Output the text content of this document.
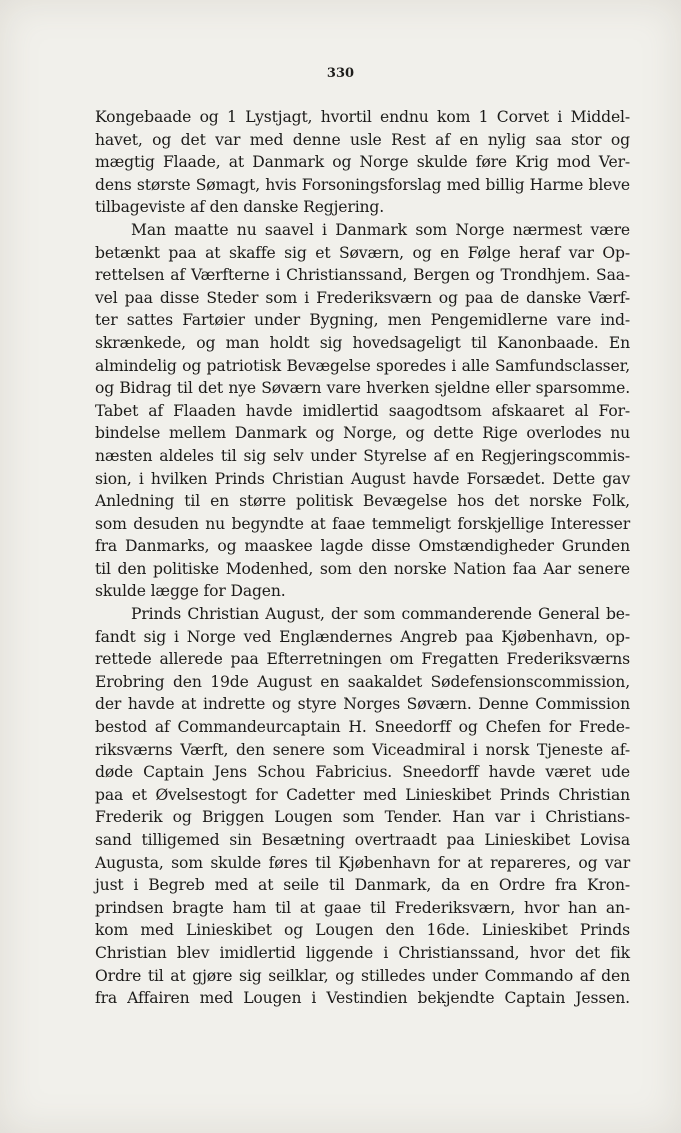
330
Kongebaade og 1 Lystjagt, hvortil endnu kom 1 Corvet i Middel-
havet, og det var med denne usle Rest af en nylig saa stor og
mægtig Flaade, at Danmark og Norge skulde føre Krig mod Ver-
dens største Sømagt, hvis Forsoningsforslag med billig Harme bleve
tilbageviste af den danske Regjering.
Man maatte nu saavel i Danmark som Norge nærmest være
betænkt paa at skaffe sig et Søværn, og en Følge heraf var Op-
rettelsen af Værfterne i Christianssand, Bergen og Trondhjem. Saa-
vel paa disse Steder som i Frederiksværn og paa de danske Værf-
ter sattes Fartøier under Bygning, men Pengemidlerne vare ind-
skrænkede, og man holdt sig hovedsageligt til Kanonbaade. En
almindelig og patriotisk Bevægelse sporedes i alle Samfundsclasser,
og Bidrag til det nye Søværn vare hverken sjeldne eller sparsomme.
Tabet af Flaaden havde imidlertid saagodtsom afskaaret al For-
bindelse mellem Danmark og Norge, og dette Rige overlodes nu
næsten aldeles til sig selv under Styrelse af en Regjeringscommis-
sion, i hvilken Prinds Christian August havde Forsædet. Dette gav
Anledning til en større politisk Bevægelse hos det norske Folk,
som desuden nu begyndte at faae temmeligt forskjellige Interesser
fra Danmarks, og maaskee lagde disse Omstændigheder Grunden
til den politiske Modenhed, som den norske Nation faa Aar senere
skulde lægge for Dagen.
Prinds Christian August, der som commanderende General be-
fandt sig i Norge ved Englændernes Angreb paa Kjøbenhavn, op-
rettede allerede paa Efterretningen om Fregatten Frederiksværns
Erobring den 19de August en saakaldet Sødefensionscommission,
der havde at indrette og styre Norges Søværn. Denne Commission
bestod af Commandeurcaptain H. Sneedorff og Chefen for Frede-
riksværns Værft, den senere som Viceadmiral i norsk Tjeneste af-
døde Captain Jens Schou Fabricius. Sneedorff havde været ude
paa et Øvelsestogt for Cadetter med Linieskibet Prinds Christian
Frederik og Briggen Lougen som Tender. Han var i Christians-
sand tilligemed sin Besætning overtraadt paa Linieskibet Lovisa
Augusta, som skulde føres til Kjøbenhavn for at repareres, og var
just i Begreb med at seile til Danmark, da en Ordre fra Kron-
prindsen bragte ham til at gaae til Frederiksværn, hvor han an-
kom med Linieskibet og Lougen den 16de. Linieskibet Prinds
Christian blev imidlertid liggende i Christianssand, hvor det fik
Ordre til at gjøre sig seilklar, og stilledes under Commando af den
fra Affairen med Lougen i Vestindien bekjendte Captain Jessen.
